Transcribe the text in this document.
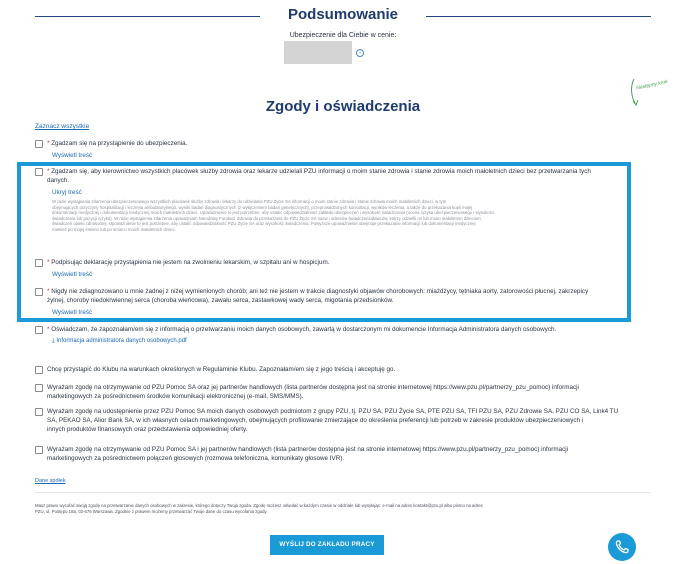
Podsumowanie
Ubezpieczenie dla Ciebie w cenie:
i
Następny krok
Zgody i oświadczenia
Zaznacz wszystkie
* Zgadzam się na przystąpienie do ubezpieczenia.
Wyświetl treść
* Zgadzam się, aby kierownictwo wszystkich placówek służby zdrowia oraz lekarze udzielali PZU informacji o moim stanie zdrowia i stanie zdrowia moich małoletnich dzieci bez przetwarzania tych
danych.
Ukryj treść
W razie wystąpienia zdarzenia ubezpieczeniowego wszystkich placówek służby zdrowia i lekarzy do udzielania PZU Życie SA informacji o moim stanie zdrowia i stanie zdrowia moich małoletnich dzieci, w tym
obejmujących przyczyny hospitalizacji i leczenia ambulatoryjnego, wyniki badań diagnostycznych (z wyłączeniem badań genetycznych), przeprowadzonych konsultacji, wyników leczenia, a także do przekazania kopii mojej
dokumentacji medycznej i dokumentacji medycznej moich małoletnich dzieci. Upoważnienie to jest potrzebne, aby ustalić odpowiedzialność zakładu ubezpieczeń i wysokość świadczenia (ocena ryzyka ubezpieczeniowego i wysokość
świadczenia lub pozycji ryzyka). W razie wystąpienia zdarzenia upoważniam Narodowy Fundusz Zdrowia do przekazania do PZU Życie SA nazw i adresów świadczeniodawców, którzy udzielili mi lub moim małoletnim dzieciom
świadczeń opieki zdrowotnej. Upoważnienie to jest potrzebne, aby ustalić odpowiedzialność PZU Życie SA oraz wysokość świadczenia. Powyższe upoważnienie obejmuje przekazanie informacji lub dokumentacji medycznej
również po mojej śmierci lub po śmierci moich małoletnich dzieci.
* Podpisując deklarację przystąpienia nie jestem na zwolnieniu lekarskim, w szpitalu ani w hospicjum.
Wyświetl treść
* Nigdy nie zdiagnozowano u mnie żadnej z niżej wymienionych chorób; ani też nie jestem w trakcie diagnostyki objawów chorobowych: miażdżycy, tętniaka aorty, zatorowości płucnej, zakrzepicy
żylnej, choroby niedokrwiennej serca (choroba wieńcowa), zawału serca, zastawkowej wady serca, migotania przedsionków.
Wyświetl treść
* Oświadczam, że zapoznałam/em się z informacją o przetwarzaniu moich danych osobowych, zawartą w dostarczonym mi dokumencie Informacja Administratora danych osobowych.
⤓ Informacja administratora danych osobowych.pdf
Chcę przystąpić do Klubu na warunkach określonych w Regulaminie Klubu. Zapoznałam/em się z jego treścią i akceptuję go.
Wyrażam zgodę na otrzymywanie od PZU Pomoc SA oraz jej partnerów handlowych (lista partnerów dostępna jest na stronie internetowej https://www.pzu.pl/partnerzy_pzu_pomoc) informacji
marketingowych za pośrednictwem środków komunikacji elektronicznej (e-mail, SMS/MMS).
Wyrażam zgodę na udostępnienie przez PZU Pomoc SA moich danych osobowych podmiotom z grupy PZU, tj. PZU SA, PZU Życie SA, PTE PZU SA, TFI PZU SA, PZU Zdrowie SA, PZU CO SA, Link4 TU
SA, PEKAO SA, Alior Bank SA, w ich własnych celach marketingowych, obejmujących profilowanie zmierzające do określenia preferencji lub potrzeb w zakresie produktów ubezpieczeniowych i
innych produktów finansowych oraz przedstawienia odpowiedniej oferty.
Wyrażam zgodę na otrzymywanie od PZU Pomoc SA i jej partnerów handlowych (lista partnerów dostępna jest na stronie internetowej https://www.pzu.pl/partnerzy_pzu_pomoc) informacji
marketingowych za pośrednictwem połączeń głosowych (rozmowa telefoniczna, komunikaty głosowe IVR).
Dane spółek
Masz prawo wycofać swoją zgodę na przetwarzanie danych osobowych w zakresie, którego dotyczy Twoja zgoda. Zgodę możesz odwołać w każdym czasie w oddziale lub wysyłając: e-mail na adres kontakt@pzu.pl albo pismo na adres
PZU, ul. Postępu 18a, 02-676 Warszawa. Zgodnie z prawem możemy przetwarzać Twoje dane do czasu wycofania zgody.
WYŚLIJ DO ZAKŁADU PRACY
